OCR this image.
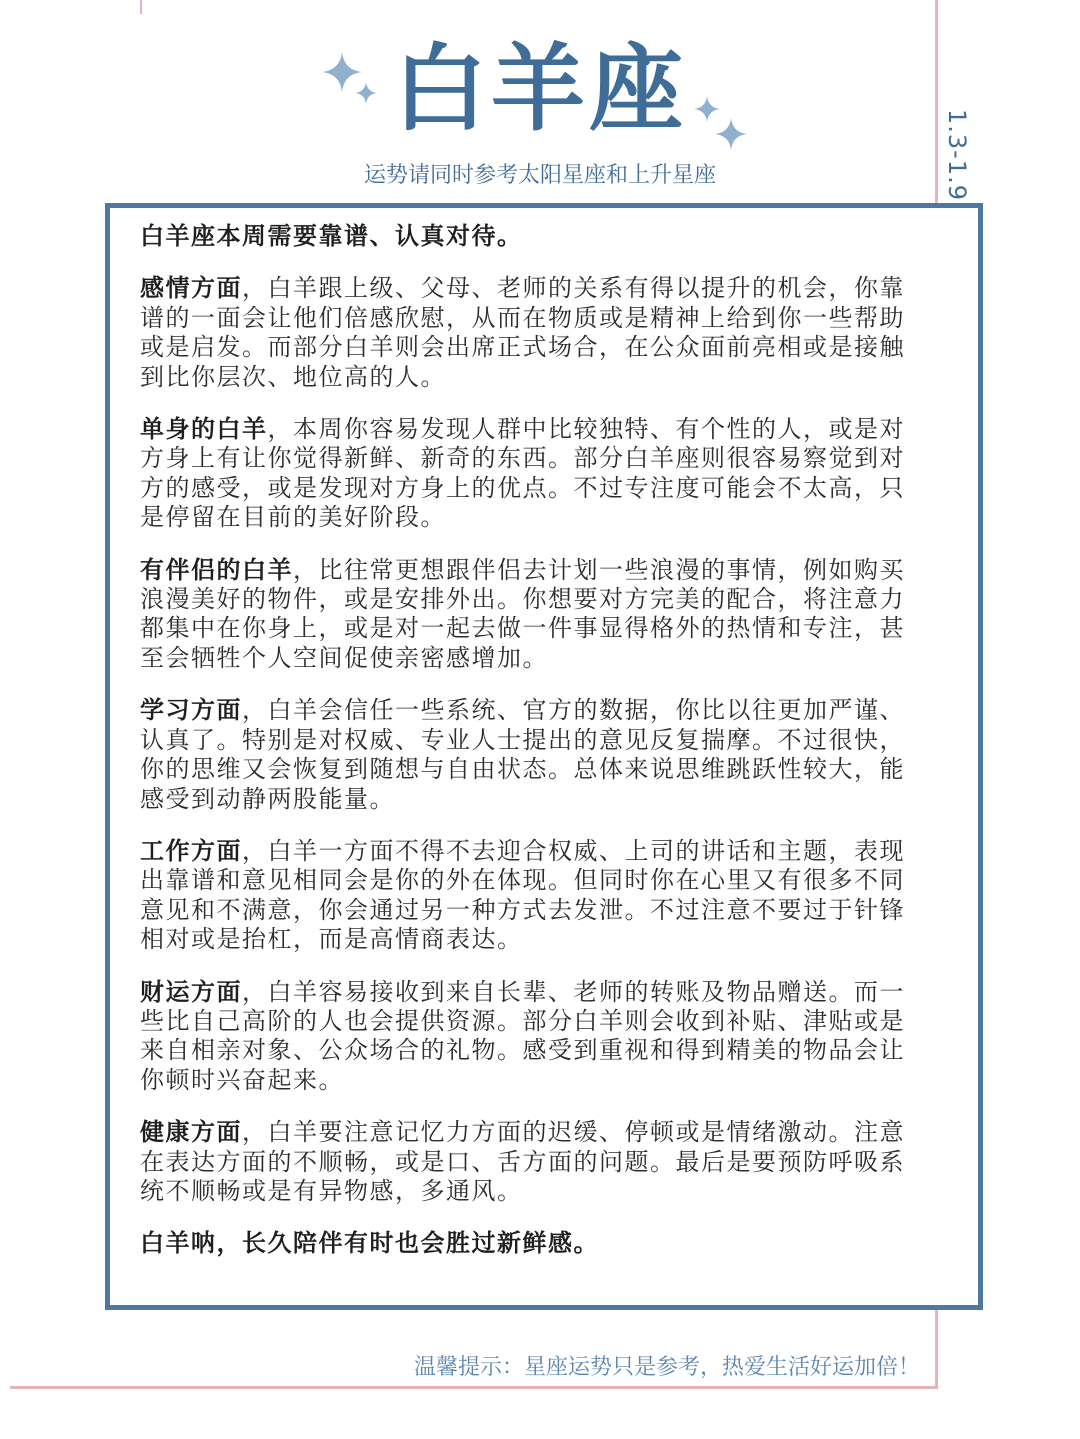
白羊座
运势请同时参考太阳星座和上升星座	1.3-1.9

白羊座本周需要靠谱、认真对待。

感情方面，白羊跟上级、父母、老师的关系有得以提升的机会，你靠谱的一面会让他们倍感欣慰，从而在物质或是精神上给到你一些帮助或是启发。而部分白羊则会出席正式场合，在公众面前亮相或是接触到比你层次、地位高的人。

单身的白羊，本周你容易发现人群中比较独特、有个性的人，或是对方身上有让你觉得新鲜、新奇的东西。部分白羊座则很容易察觉到对方的感受，或是发现对方身上的优点。不过专注度可能会不太高，只是停留在目前的美好阶段。

有伴侣的白羊，比往常更想跟伴侣去计划一些浪漫的事情，例如购买浪漫美好的物件，或是安排外出。你想要对方完美的配合，将注意力都集中在你身上，或是对一起去做一件事显得格外的热情和专注，甚至会牺牲个人空间促使亲密感增加。

学习方面，白羊会信任一些系统、官方的数据，你比以往更加严谨、认真了。特别是对权威、专业人士提出的意见反复揣摩。不过很快，你的思维又会恢复到随想与自由状态。总体来说思维跳跃性较大，能感受到动静两股能量。

工作方面，白羊一方面不得不去迎合权威、上司的讲话和主题，表现出靠谱和意见相同会是你的外在体现。但同时你在心里又有很多不同意见和不满意，你会通过另一种方式去发泄。不过注意不要过于针锋相对或是抬杠，而是高情商表达。

财运方面，白羊容易接收到来自长辈、老师的转账及物品赠送。而一些比自己高阶的人也会提供资源。部分白羊则会收到补贴、津贴或是来自相亲对象、公众场合的礼物。感受到重视和得到精美的物品会让你顿时兴奋起来。

健康方面，白羊要注意记忆力方面的迟缓、停顿或是情绪激动。注意在表达方面的不顺畅，或是口、舌方面的问题。最后是要预防呼吸系统不顺畅或是有异物感，多通风。

白羊呐，长久陪伴有时也会胜过新鲜感。

温馨提示：星座运势只是参考，热爱生活好运加倍！
